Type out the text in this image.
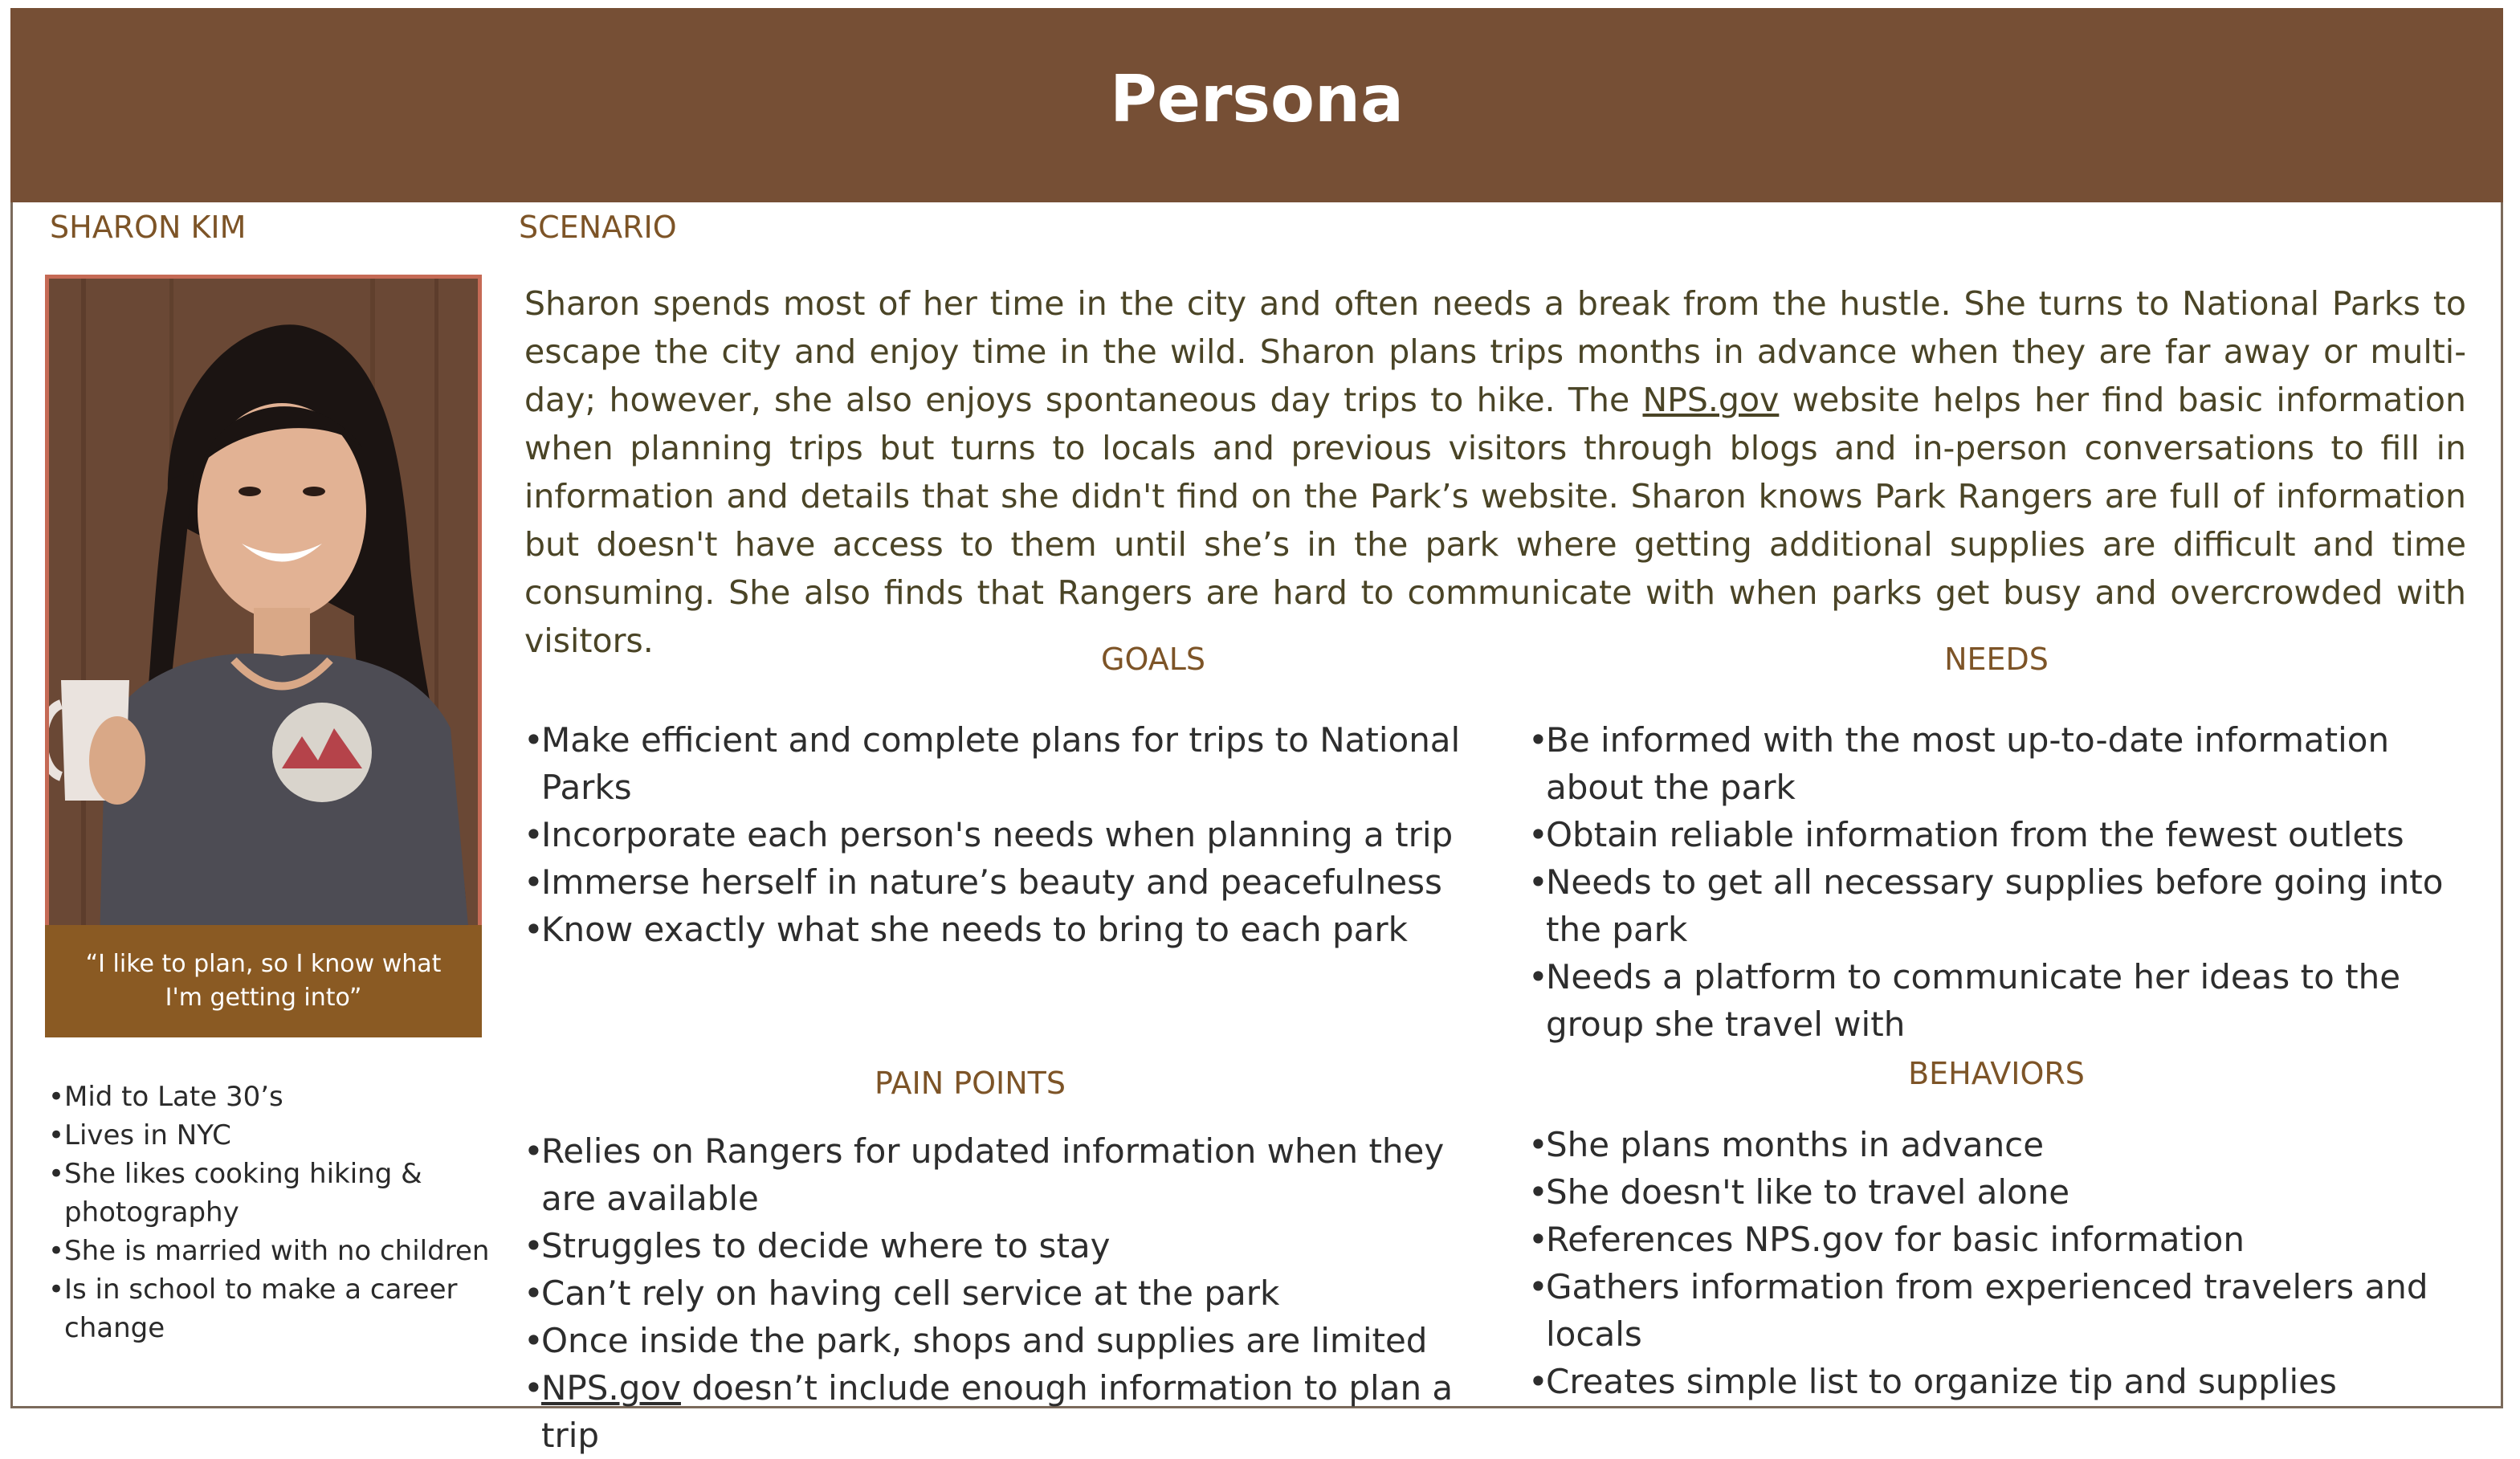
Persona
SHARON KIM
“I like to plan, so I know what I'm getting into”
• Mid to Late 30’s
• Lives in NYC
• She likes cooking hiking & photography
• She is married with no children
• Is in school to make a career change
SCENARIO

Sharon spends most of her time in the city and often needs a break from the hustle. She turns to National Parks to escape the city and enjoy time in the wild. Sharon plans trips months in advance when they are far away or multi-day; however, she also enjoys spontaneous day trips to hike. The NPS.gov website helps her find basic information when planning trips but turns to locals and previous visitors through blogs and in-person conversations to fill in information and details that she didn't find on the Park’s website. Sharon knows Park Rangers are full of information but doesn't have access to them until she’s in the park where getting additional supplies are difficult and time consuming. She also finds that Rangers are hard to communicate with when parks get busy and overcrowded with visitors.	GOALS
• Make efficient and complete plans for trips to National Parks
• Incorporate each person's needs when planning a trip
• Immerse herself in nature’s beauty and peacefulness
• Know exactly what she needs to bring to each park
NEEDS
• Be informed with the most up-to-date information about the park
• Obtain reliable information from the fewest outlets
• Needs to get all necessary supplies before going into the park
• Needs a platform to communicate her ideas to the group she travel with
PAIN POINTS
• Relies on Rangers for updated information when they are available
• Struggles to decide where to stay
• Can’t rely on having cell service at the park
• Once inside the park, shops and supplies are limited
• NPS.gov doesn’t include enough information to plan a trip
BEHAVIORS
• She plans months in advance
• She doesn't like to travel alone
• References NPS.gov for basic information
• Gathers information from experienced travelers and locals
• Creates simple list to organize tip and supplies
